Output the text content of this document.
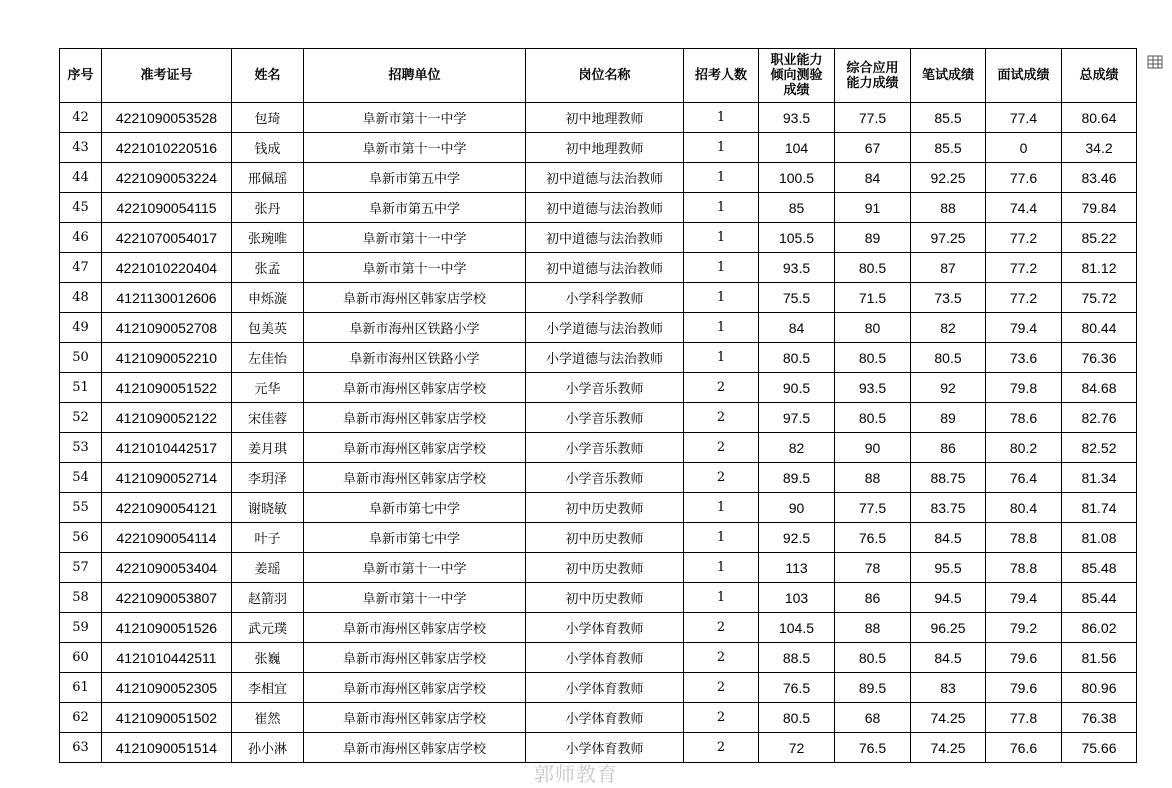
序号	准考证号	姓名	招聘单位	岗位名称	招考人数	职业能力倾向测验成绩	综合应用能力成绩	笔试成绩	面试成绩	总成绩
42	4221090053528	包琦	阜新市第十一中学	初中地理教师	1	93.5	77.5	85.5	77.4	80.64
43	4221010220516	钱成	阜新市第十一中学	初中地理教师	1	104	67	85.5	0	34.2
44	4221090053224	邢佩瑶	阜新市第五中学	初中道德与法治教师	1	100.5	84	92.25	77.6	83.46
45	4221090054115	张丹	阜新市第五中学	初中道德与法治教师	1	85	91	88	74.4	79.84
46	4221070054017	张琬唯	阜新市第十一中学	初中道德与法治教师	1	105.5	89	97.25	77.2	85.22
47	4221010220404	张孟	阜新市第十一中学	初中道德与法治教师	1	93.5	80.5	87	77.2	81.12
48	4121130012606	申烁漩	阜新市海州区韩家店学校	小学科学教师	1	75.5	71.5	73.5	77.2	75.72
49	4121090052708	包美英	阜新市海州区铁路小学	小学道德与法治教师	1	84	80	82	79.4	80.44
50	4121090052210	左佳怡	阜新市海州区铁路小学	小学道德与法治教师	1	80.5	80.5	80.5	73.6	76.36
51	4121090051522	元华	阜新市海州区韩家店学校	小学音乐教师	2	90.5	93.5	92	79.8	84.68
52	4121090052122	宋佳蓉	阜新市海州区韩家店学校	小学音乐教师	2	97.5	80.5	89	78.6	82.76
53	4121010442517	姜月琪	阜新市海州区韩家店学校	小学音乐教师	2	82	90	86	80.2	82.52
54	4121090052714	李玥泽	阜新市海州区韩家店学校	小学音乐教师	2	89.5	88	88.75	76.4	81.34
55	4221090054121	谢晓敏	阜新市第七中学	初中历史教师	1	90	77.5	83.75	80.4	81.74
56	4221090054114	叶子	阜新市第七中学	初中历史教师	1	92.5	76.5	84.5	78.8	81.08
57	4221090053404	姜瑶	阜新市第十一中学	初中历史教师	1	113	78	95.5	78.8	85.48
58	4221090053807	赵箭羽	阜新市第十一中学	初中历史教师	1	103	86	94.5	79.4	85.44
59	4121090051526	武元璞	阜新市海州区韩家店学校	小学体育教师	2	104.5	88	96.25	79.2	86.02
60	4121010442511	张巍	阜新市海州区韩家店学校	小学体育教师	2	88.5	80.5	84.5	79.6	81.56
61	4121090052305	李相宜	阜新市海州区韩家店学校	小学体育教师	2	76.5	89.5	83	79.6	80.96
62	4121090051502	崔然	阜新市海州区韩家店学校	小学体育教师	2	80.5	68	74.25	77.8	76.38
63	4121090051514	孙小淋	阜新市海州区韩家店学校	小学体育教师	2	72	76.5	74.25	76.6	75.66
郭师教育
